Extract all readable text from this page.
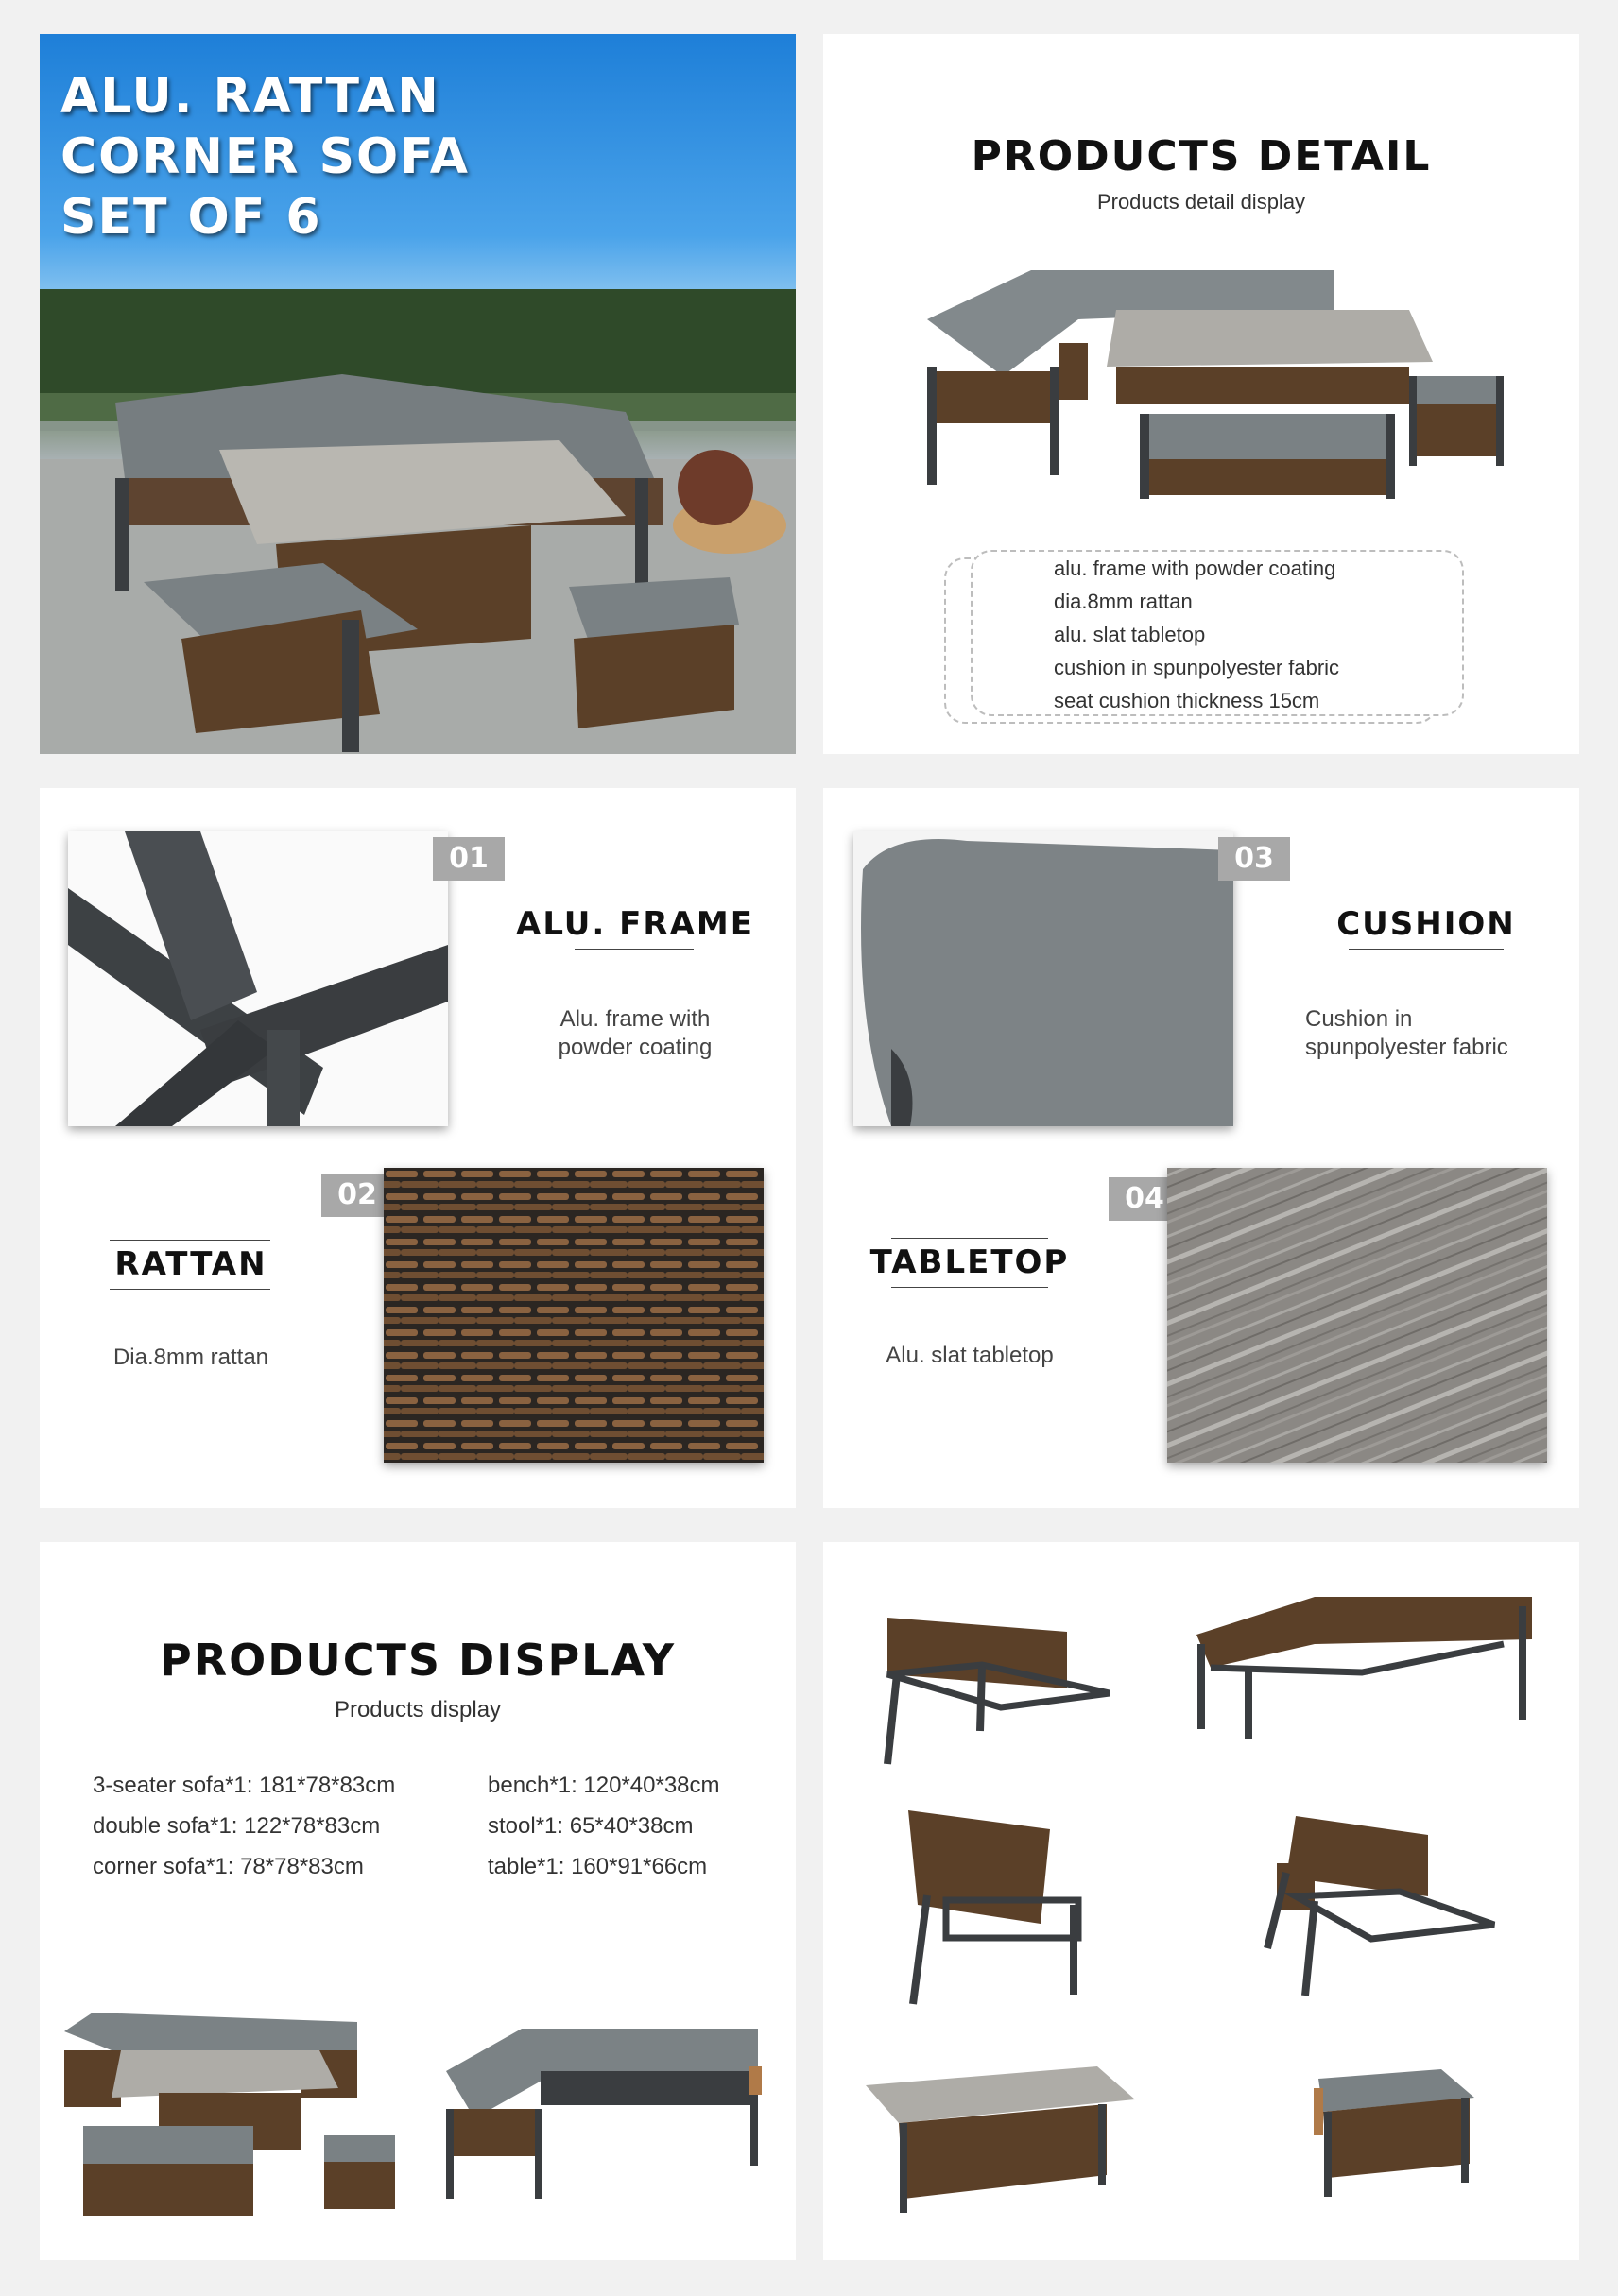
ALU. RATTAN
CORNER SOFA
SET OF 6
PRODUCTS DETAIL
Products detail display
alu. frame with powder coating
dia.8mm rattan
alu. slat tabletop
cushion in spunpolyester fabric
seat cushion thickness 15cm
01
ALU. FRAME
Alu. frame with
powder coating
02
RATTAN
Dia.8mm rattan
03
CUSHION
Cushion in
spunpolyester fabric
04
TABLETOP
Alu. slat tabletop
PRODUCTS DISPLAY
Products display
3-seater sofa*1: 181*78*83cm
double sofa*1: 122*78*83cm
corner sofa*1: 78*78*83cm
bench*1: 120*40*38cm
stool*1: 65*40*38cm
table*1: 160*91*66cm
